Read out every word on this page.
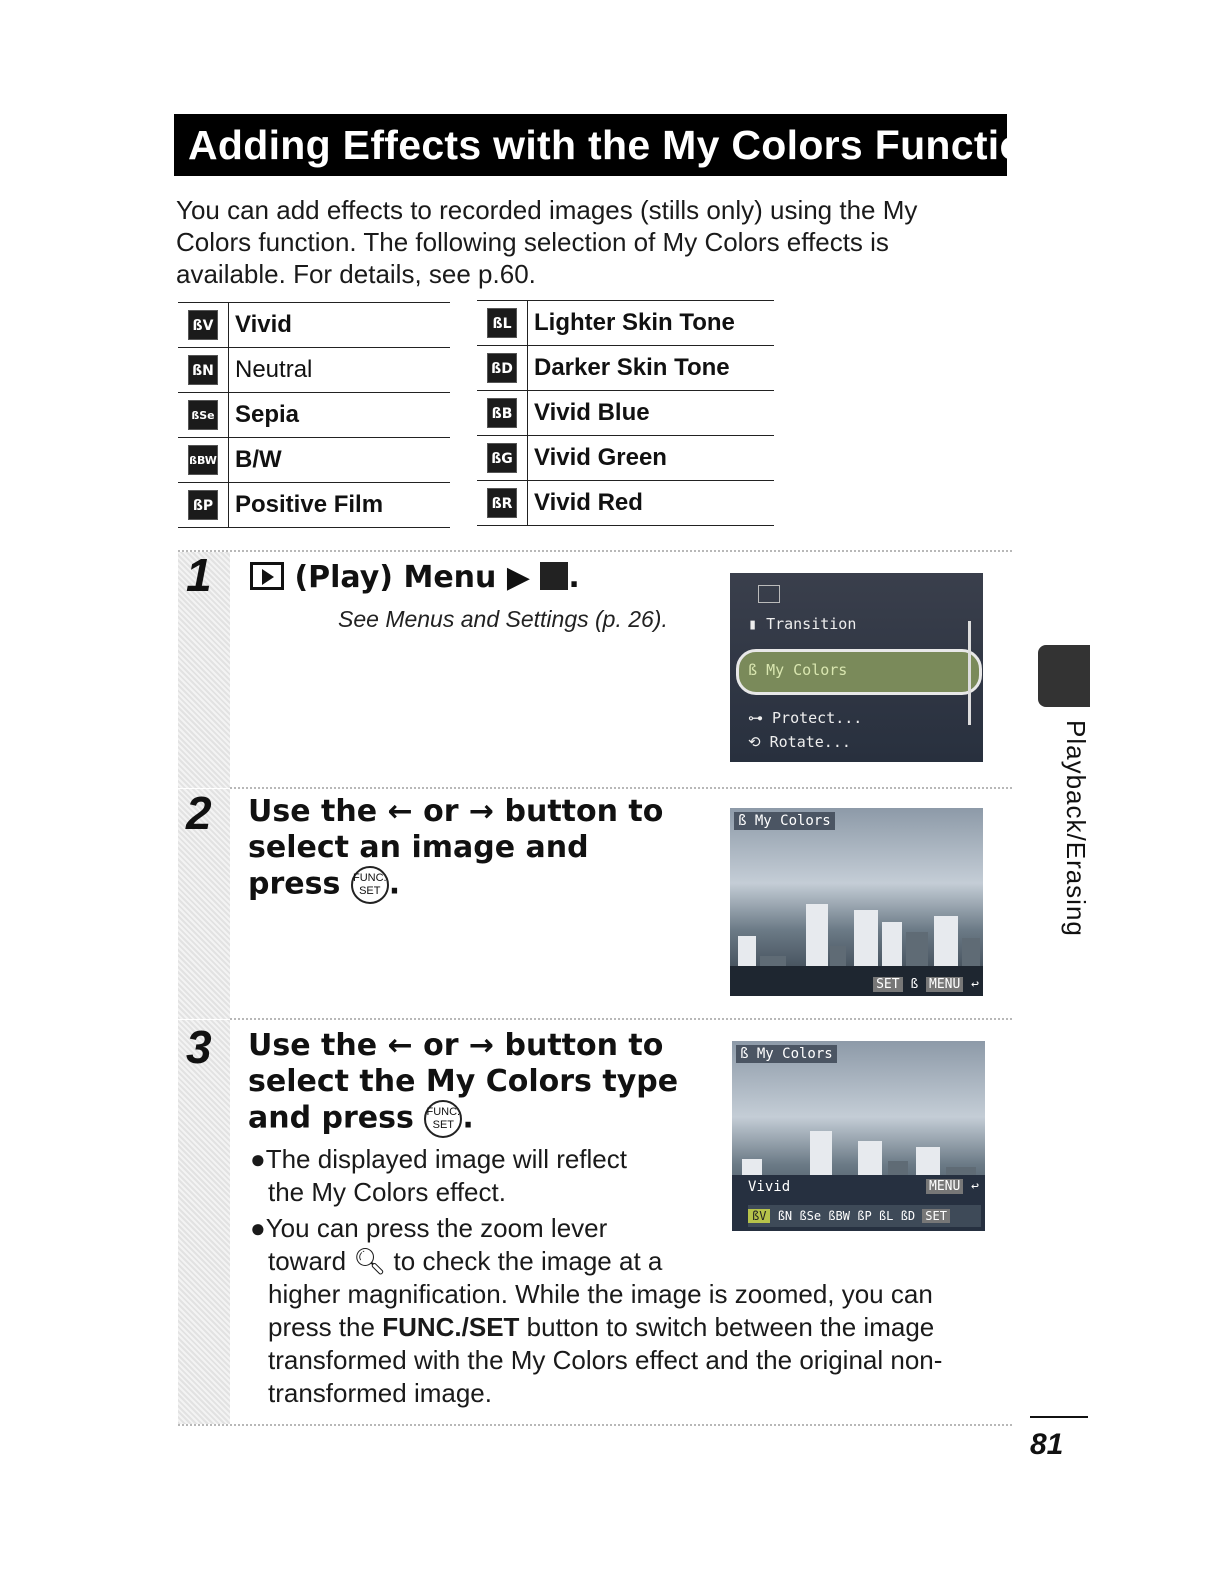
Adding Effects with the My Colors Function
You can add effects to recorded images (stills only) using the My Colors function. The following selection of My Colors effects is available. For details, see p.60.
ßV	Vivid
ßN	Neutral
ßSe	Sepia
ßBW	B/W
ßP	Positive Film
ßL	Lighter Skin Tone
ßD	Darker Skin Tone
ßB	Vivid Blue
ßG	Vivid Green
ßR	Vivid Red
1	(Play) Menu ▶ .
See Menus and Settings (p. 26).	▮ Transition
ß My Colors
⊶ Protect...
⟲ Rotate...
2 Use the ← or → button to
select an image and
press FUNC.
SET .
ß My Colors
SET ß MENU ↩
3 Use the ← or → button to
select the My Colors type
and press FUNC.
SET .
●The displayed image will reflect
the My Colors effect.
●You can press the zoom lever
toward 🔍︎ to check the image at a
higher magnification. While the image is zoomed, you can
press the FUNC./SET button to switch between the image
transformed with the My Colors effect and the original non-
transformed image.
ß My Colors
Vivid	MENU ↩
ßV ßN ßSe ßBW ßP ßL ßD SET
Playback/Erasing
81
